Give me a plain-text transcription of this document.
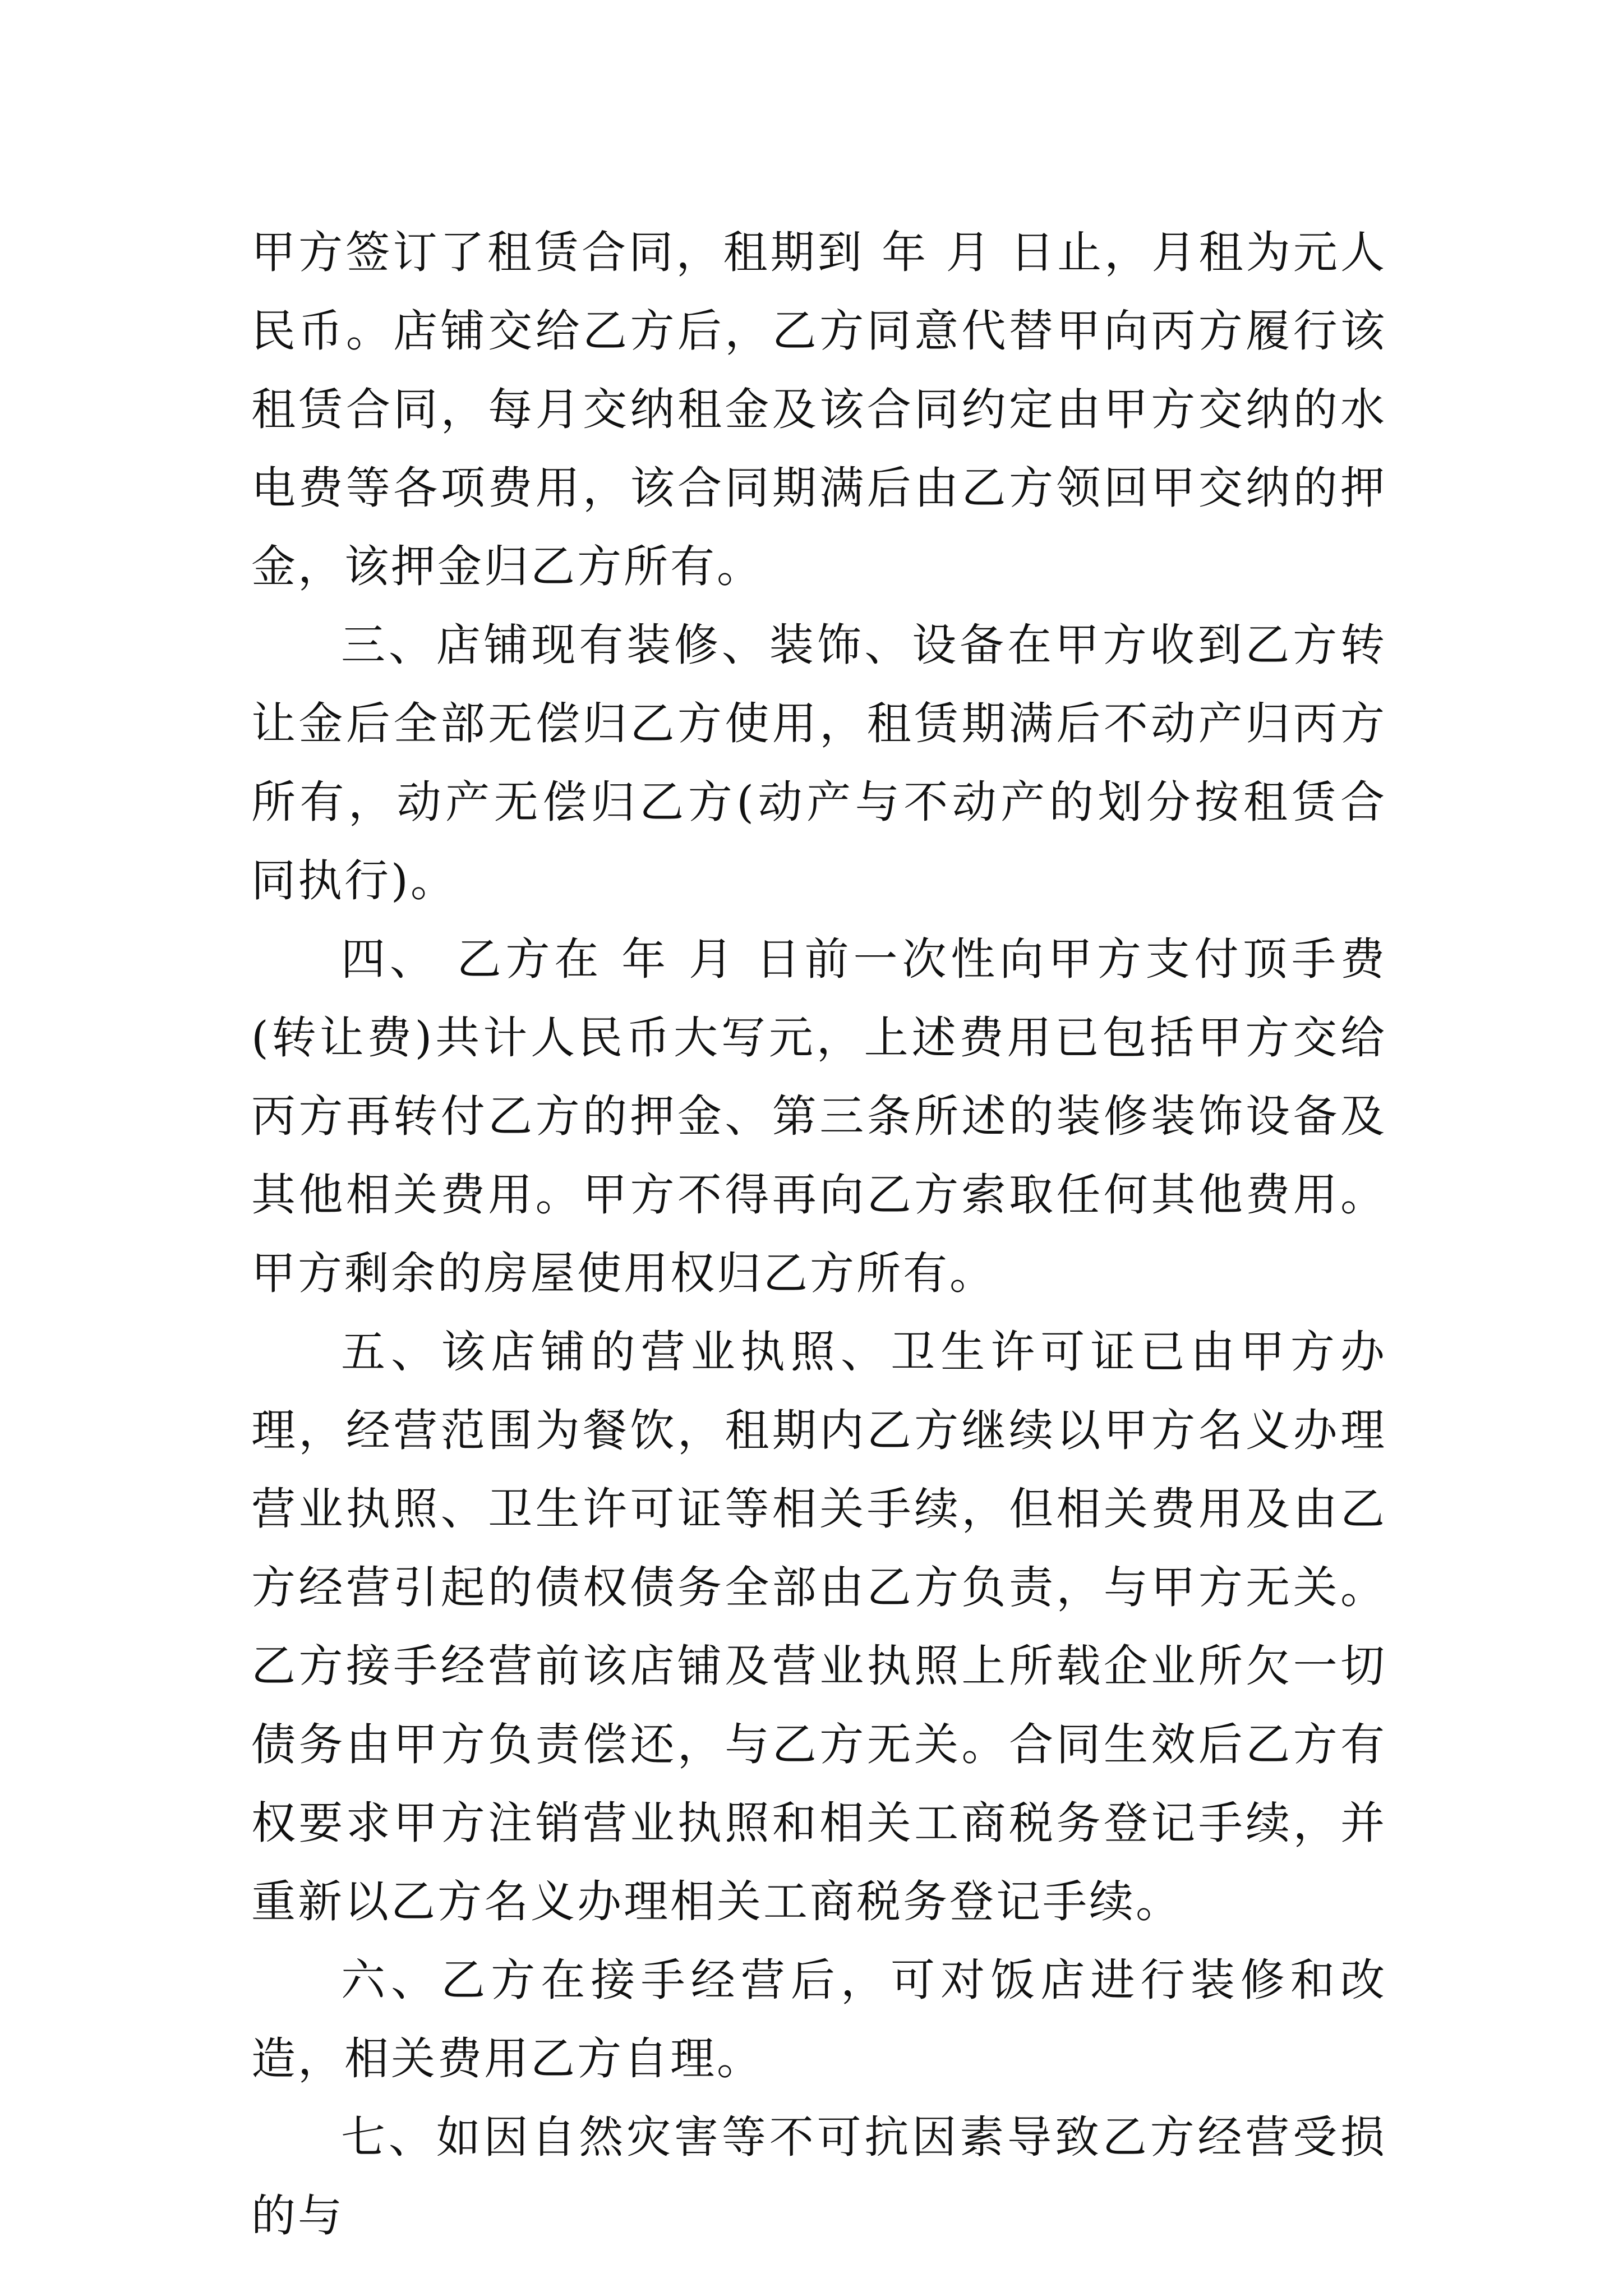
甲方签订了租赁合同，租期到 年 月 日止，月租为元人民币。店铺交给乙方后，乙方同意代替甲向丙方履行该租赁合同，每月交纳租金及该合同约定由甲方交纳的水电费等各项费用，该合同期满后由乙方领回甲交纳的押金，该押金归乙方所有。

三、店铺现有装修、装饰、设备在甲方收到乙方转让金后全部无偿归乙方使用，租赁期满后不动产归丙方所有，动产无偿归乙方(动产与不动产的划分按租赁合同执行)。

四、 乙方在 年 月 日前一次性向甲方支付顶手费(转让费)共计人民币大写元，上述费用已包括甲方交给丙方再转付乙方的押金、第三条所述的装修装饰设备及其他相关费用。甲方不得再向乙方索取任何其他费用。甲方剩余的房屋使用权归乙方所有。

五、该店铺的营业执照、卫生许可证已由甲方办理，经营范围为餐饮，租期内乙方继续以甲方名义办理营业执照、卫生许可证等相关手续，但相关费用及由乙方经营引起的债权债务全部由乙方负责，与甲方无关。乙方接手经营前该店铺及营业执照上所载企业所欠一切债务由甲方负责偿还，与乙方无关。合同生效后乙方有权要求甲方注销营业执照和相关工商税务登记手续，并重新以乙方名义办理相关工商税务登记手续。

六、乙方在接手经营后，可对饭店进行装修和改造，相关费用乙方自理。

七、如因自然灾害等不可抗因素导致乙方经营受损的与
